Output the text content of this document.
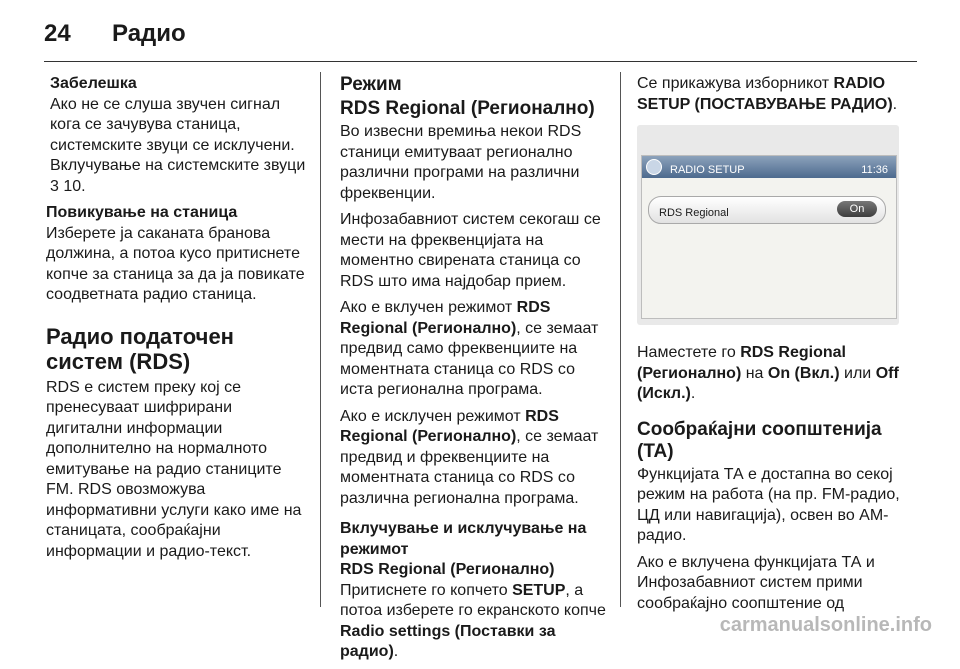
24 Радио
Забелешка

Ако не се слуша звучен сигнал кога се зачувува станица, системските звуци се исклучени. Вклучување на системските звуци 3 10.

Повикување на станица

Изберете ја саканата бранова должина, а потоа кусо притиснете копче за станица за да ја повикате соодветната радио станица.

Радио податочен систем (RDS)

RDS е систем преку кој се пренесуваат шифрирани дигитални информации дополнително на нормалното емитување на радио станиците FM. RDS овозможува информативни услуги како име на станицата, сообраќајни информации и радио-текст.

Режим
RDS Regional (Регионално)

Во извесни времиња некои RDS станици емитуваат регионално различни програми на различни фреквенции.

Инфозабавниот систем секогаш се мести на фреквенцијата на моментно свирената станица со RDS што има најдобар прием.

Ако е вклучен режимот RDS Regional (Регионално), се земаат предвид само фреквенциите на моментната станица со RDS со иста регионална програма.

Ако е исклучен режимот RDS Regional (Регионално), се земаат предвид и фреквенциите на моментната станица со RDS со различна регионална програма.

Вклучување и исклучување на режимот
RDS Regional (Регионално)

Притиснете го копчето SETUP, а потоа изберете го екранското копче Radio settings (Поставки за радио).

Се прикажува изборникот RADIO SETUP (ПОСТАВУВАЊЕ РАДИО).

RADIO SETUP	11:36
RDS Regional	On

Наместете го RDS Regional (Регионално) на On (Вкл.) или Off (Искл.).

Сообраќајни соопштенија (TA)

Функцијата ТА е достапна во секој режим на работа (на пр. FM-радио, ЦД или навигација), освен во АМ-радио.

Ако е вклучена функцијата ТА и Инфозабавниот систем прими сообраќајно соопштение од

carmanualsonline.info
